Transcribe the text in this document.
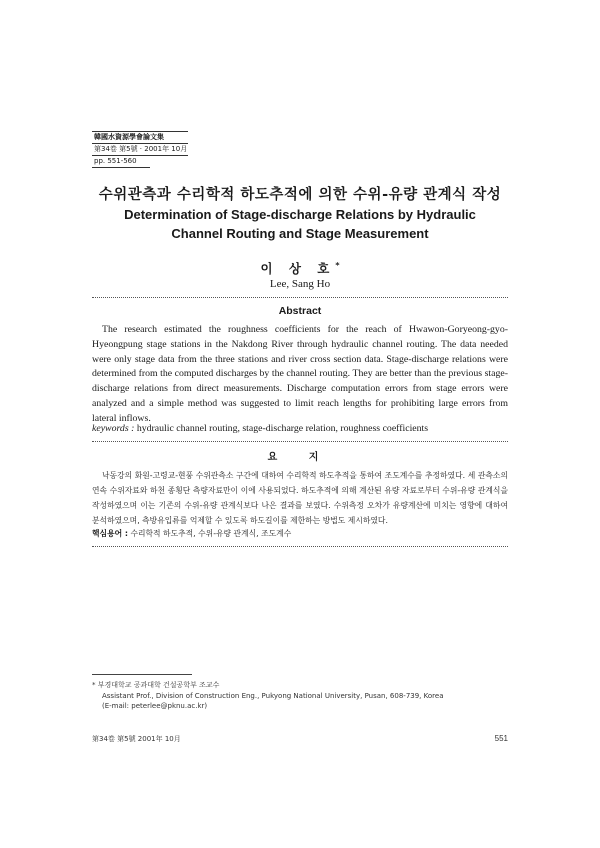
韓國水資源學會論文集
第34卷 第5號 · 2001年 10月
pp. 551-560
수위관측과 수리학적 하도추적에 의한 수위-유량 관계식 작성
Determination of Stage-discharge Relations by Hydraulic
Channel Routing and Stage Measurement
이 상 호*
Lee, Sang Ho
Abstract

The research estimated the roughness coefficients for the reach of Hwawon-Goryeong-gyo-Hyeongpung stage stations in the Nakdong River through hydraulic channel routing. The data needed were only stage data from the three stations and river cross section data. Stage-discharge relations were determined from the computed discharges by the channel routing. They are better than the previous stage-discharge relations from direct measurements. Discharge computation errors from stage errors were analyzed and a simple method was suggested to limit reach lengths for prohibiting large errors from lateral inflows.

keywords : hydraulic channel routing, stage-discharge relation, roughness coefficients

요 지

낙동강의 화원-고령교-현풍 수위관측소 구간에 대하여 수리학적 하도추적을 통하여 조도계수를 추정하였다. 세 관측소의 연속 수위자료와 하천 종횡단 측량자료만이 이에 사용되었다. 하도추적에 의해 계산된 유량 자료로부터 수위-유량 관계식을 작성하였으며 이는 기존의 수위-유량 관계식보다 나은 결과를 보였다. 수위측정 오차가 유량계산에 미치는 영향에 대하여 분석하였으며, 측방유입류를 억제할 수 있도록 하도길이를 제한하는 방법도 제시하였다.

핵심용어 : 수리학적 하도추적, 수위-유량 관계식, 조도계수

* 부경대학교 공과대학 건설공학부 조교수
Assistant Prof., Division of Construction Eng., Pukyong National University, Pusan, 608-739, Korea
(E-mail: peterlee@pknu.ac.kr)
第34卷 第5號 2001年 10月	551
